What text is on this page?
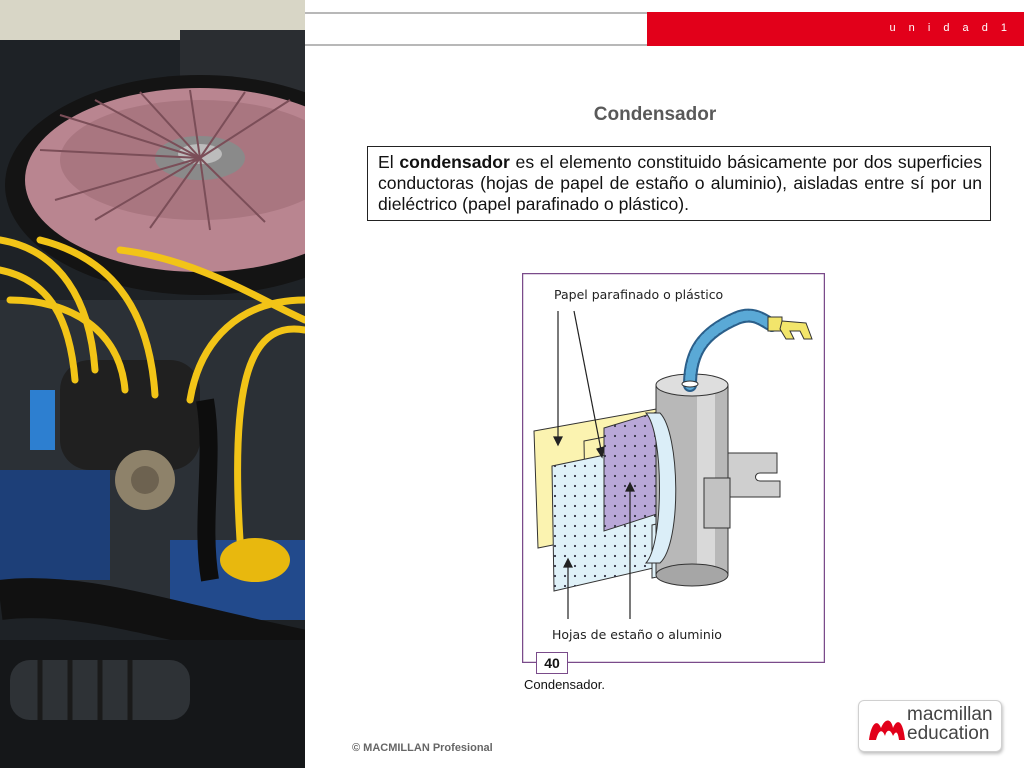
u n i d a d 1
Condensador
El condensador es el elemento constituido básicamente por dos superficies conductoras (hojas de papel de estaño o aluminio), aisladas entre sí por un dieléctrico (papel parafinado o plástico).
Papel parafinado o plástico
Hojas de estaño o aluminio
40
Condensador.
© MACMILLAN Profesional
macmillan
education
